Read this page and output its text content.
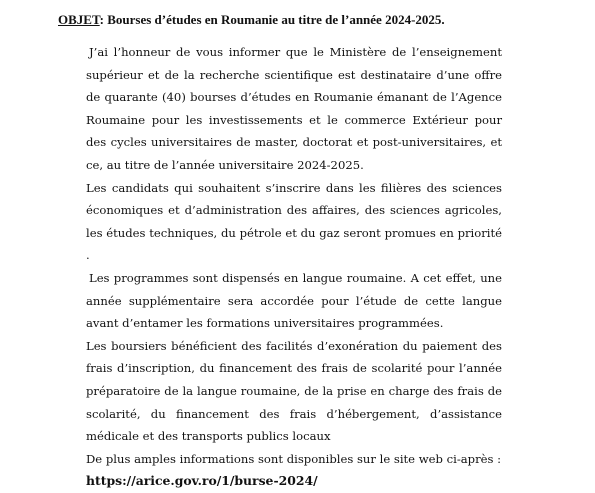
OBJET: Bourses d’études en Roumanie au titre de l’année 2024-2025.

J’ai l’honneur de vous informer que le Ministère de l’enseignement supérieur et de la recherche scientifique est destinataire d’une offre de quarante (40) bourses d’études en Roumanie émanant de l’Agence Roumaine pour les investissements et le commerce Extérieur pour des cycles universitaires de master, doctorat et post-universitaires, et ce, au titre de l’année universitaire 2024-2025.

Les candidats qui souhaitent s’inscrire dans les filières des sciences économiques et d’administration des affaires, des sciences agricoles, les études techniques, du pétrole et du gaz seront promues en priorité .

Les programmes sont dispensés en langue roumaine. A cet effet, une année supplémentaire sera accordée pour l’étude de cette langue avant d’entamer les formations universitaires programmées.

Les boursiers bénéficient des facilités d’exonération du paiement des frais d’inscription, du financement des frais de scolarité pour l’année préparatoire de la langue roumaine, de la prise en charge des frais de scolarité, du financement des frais d’hébergement, d’assistance médicale et des transports publics locaux

De plus amples informations sont disponibles sur le site web ci-après :

https://arice.gov.ro/1/burse-2024/
